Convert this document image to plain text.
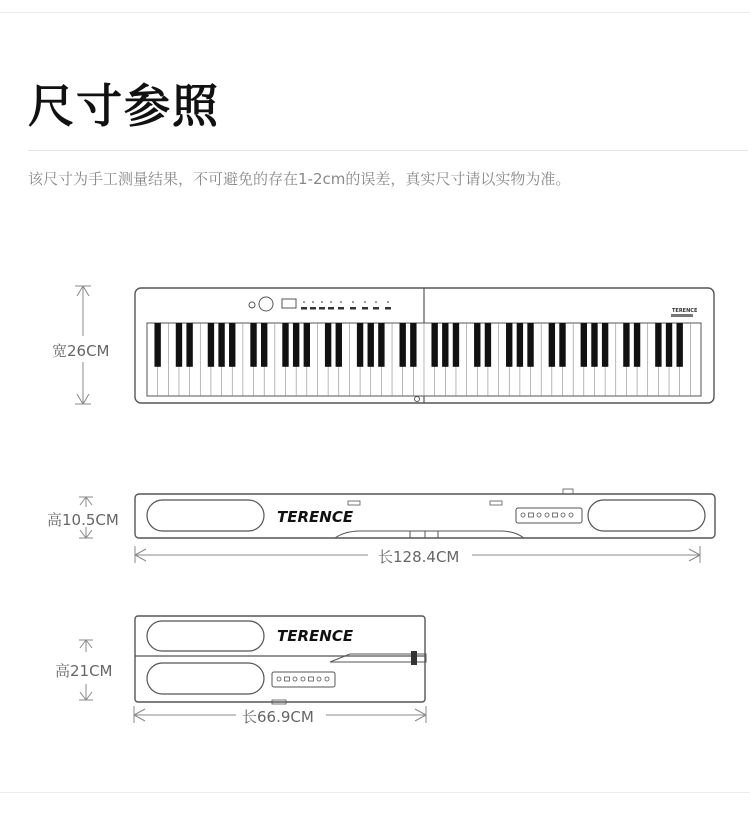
尺寸参照
该尺寸为手工测量结果，不可避免的存在1-2cm的误差，真实尺寸请以实物为准。
TERENCE
TERENCE
TERENCE
宽26CM
高10.5CM
长128.4CM
高21CM
长66.9CM
